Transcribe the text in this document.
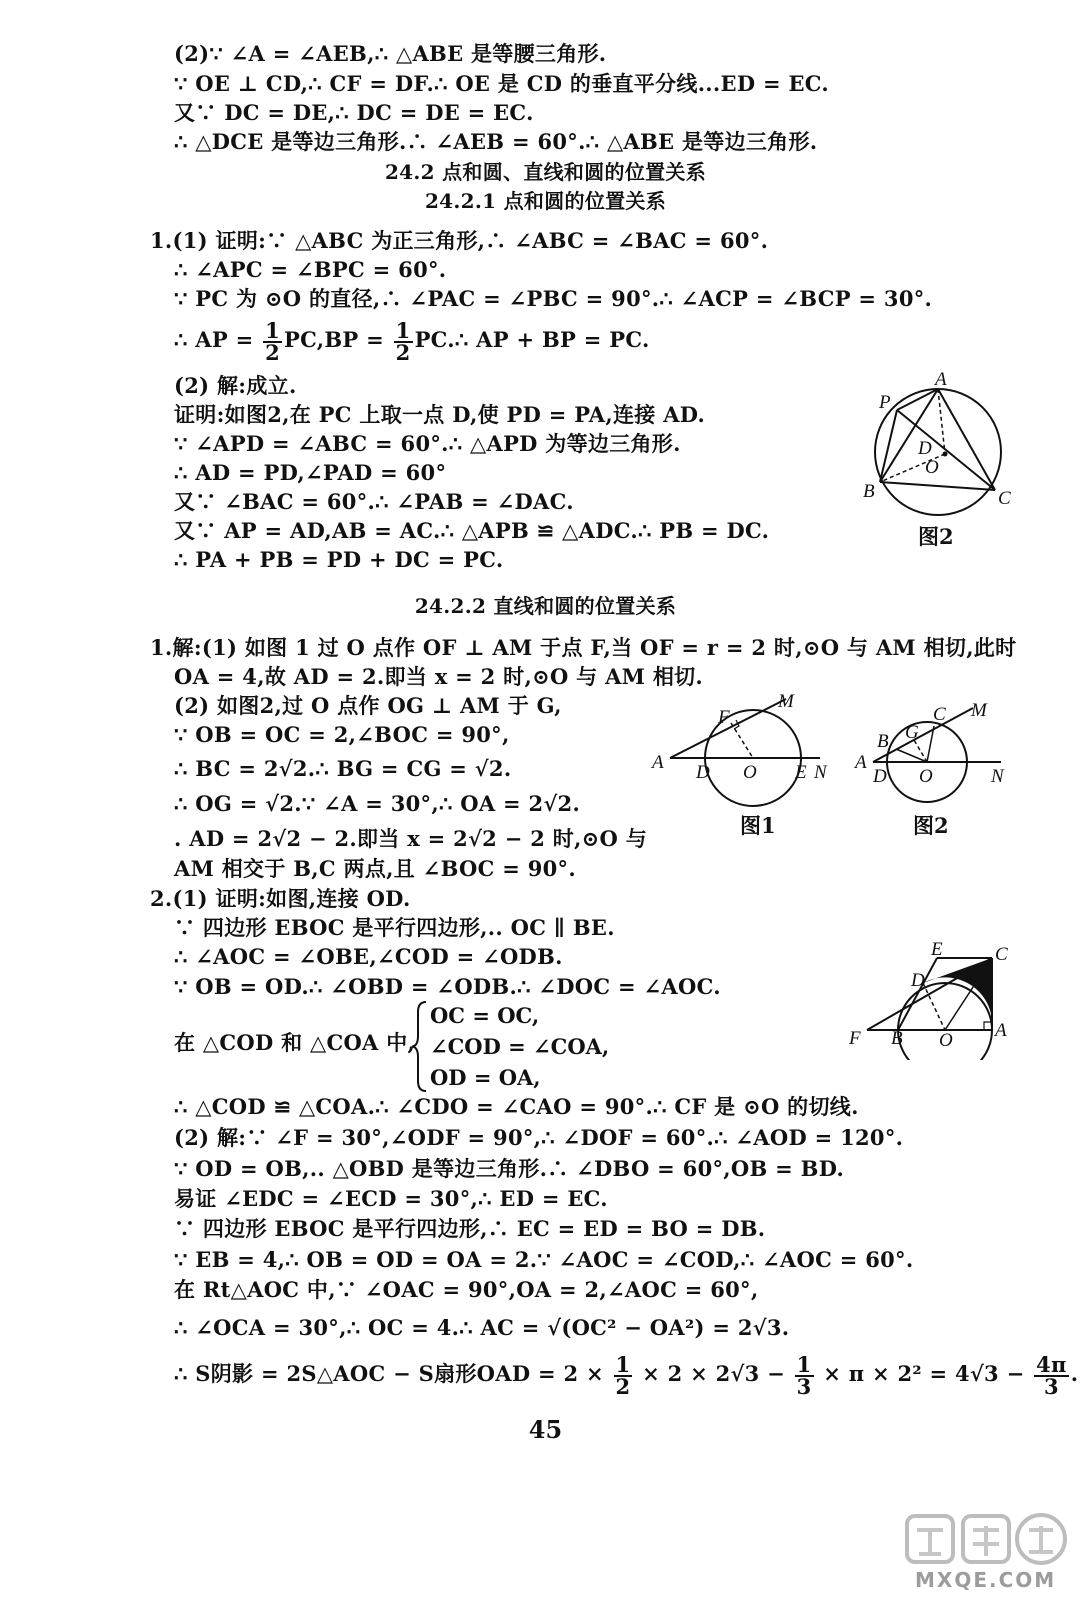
(2)∵ ∠A = ∠AEB,∴ △ABE 是等腰三角形.
∵ OE ⊥ CD,∴ CF = DF.∴ OE 是 CD 的垂直平分线...ED = EC.
又∵ DC = DE,∴ DC = DE = EC.
∴ △DCE 是等边三角形.∴ ∠AEB = 60°.∴ △ABE 是等边三角形.
24.2 点和圆、直线和圆的位置关系
24.2.1 点和圆的位置关系
1.(1) 证明:∵ △ABC 为正三角形,∴ ∠ABC = ∠BAC = 60°.
∴ ∠APC = ∠BPC = 60°.
∵ PC 为 ⊙O 的直径,∴ ∠PAC = ∠PBC = 90°.∴ ∠ACP = ∠BCP = 30°.
∴ AP = $\frac{1}{2} PC,BP = \frac{1}{2}$ PC.∴ AP + BP = PC.
(2) 解:成立.
证明:如图2,在 PC 上取一点 D,使 PD = PA,连接 AD.
∵ ∠APD = ∠ABC = 60°.∴ △APD 为等边三角形.
∴ AD = PD,∠PAD = 60°
又∵ ∠BAC = 60°.∴ ∠PAB = ∠DAC.
又∵ AP = AD,AB = AC.∴ △APB ≌ △ADC.∴ PB = DC.
∴ PA + PB = PD + DC = PC.
A
P
D
O
B	C
图2
24.2.2 直线和圆的位置关系
1.解:(1) 如图 1 过 O 点作 OF ⊥ AM 于点 F,当 OF = r = 2 时,⊙O 与 AM 相切,此时
OA = 4,故 AD = 2.即当 x = 2 时,⊙O 与 AM 相切.
(2) 如图2,过 O 点作 OG ⊥ AM 于 G,
∵ OB = OC = 2,∠BOC = 90°,
∴ BC = 2√2.∴ BG = CG = √2.
∴ OG = √2.∵ ∠A = 30°,∴ OA = 2√2.
. AD = 2√2 − 2.即当 x = 2√2 − 2 时,⊙O 与
AM 相交于 B,C 两点,且 ∠BOC = 90°.
F
M
A D O E N
图1
C M
G
B
A
D O	N
图2
2.(1) 证明:如图,连接 OD.
∵ 四边形 EBOC 是平行四边形,.. OC ∥ BE.
∴ ∠AOC = ∠OBE,∠COD = ∠ODB.
∵ OB = OD.∴ ∠OBD = ∠ODB.∴ ∠DOC = ∠AOC.
在 △COD 和 △COA 中,
OC = OC,
∠COD = ∠COA,
OD = OA,
∴ △COD ≌ △COA.∴ ∠CDO = ∠CAO = 90°.∴ CF 是 ⊙O 的切线.
(2) 解:∵ ∠F = 30°,∠ODF = 90°,∴ ∠DOF = 60°.∴ ∠AOD = 120°.
∵ OD = OB,.. △OBD 是等边三角形.∴ ∠DBO = 60°,OB = BD.
易证 ∠EDC = ∠ECD = 30°,∴ ED = EC.
∵ 四边形 EBOC 是平行四边形,∴ EC = ED = BO = DB.
∵ EB = 4,∴ OB = OD = OA = 2.∵ ∠AOC = ∠COD,∴ ∠AOC = 60°.
在 Rt△AOC 中,∵ ∠OAC = 90°,OA = 2,∠AOC = 60°,
∴ ∠OCA = 30°,∴ OC = 4.∴ AC = √(OC² − OA²) = 2√3.
∴ S阴影 = 2S△AOC − S扇形OAD = $2 \times \frac{1}{2} \times 2 \times 2√3 - \frac{1}{3} \times \pi \times 2^2 = 4√3 - \frac{4\pi}{3}$ .
E	C
D
F B O A
45
MXQE.COM
